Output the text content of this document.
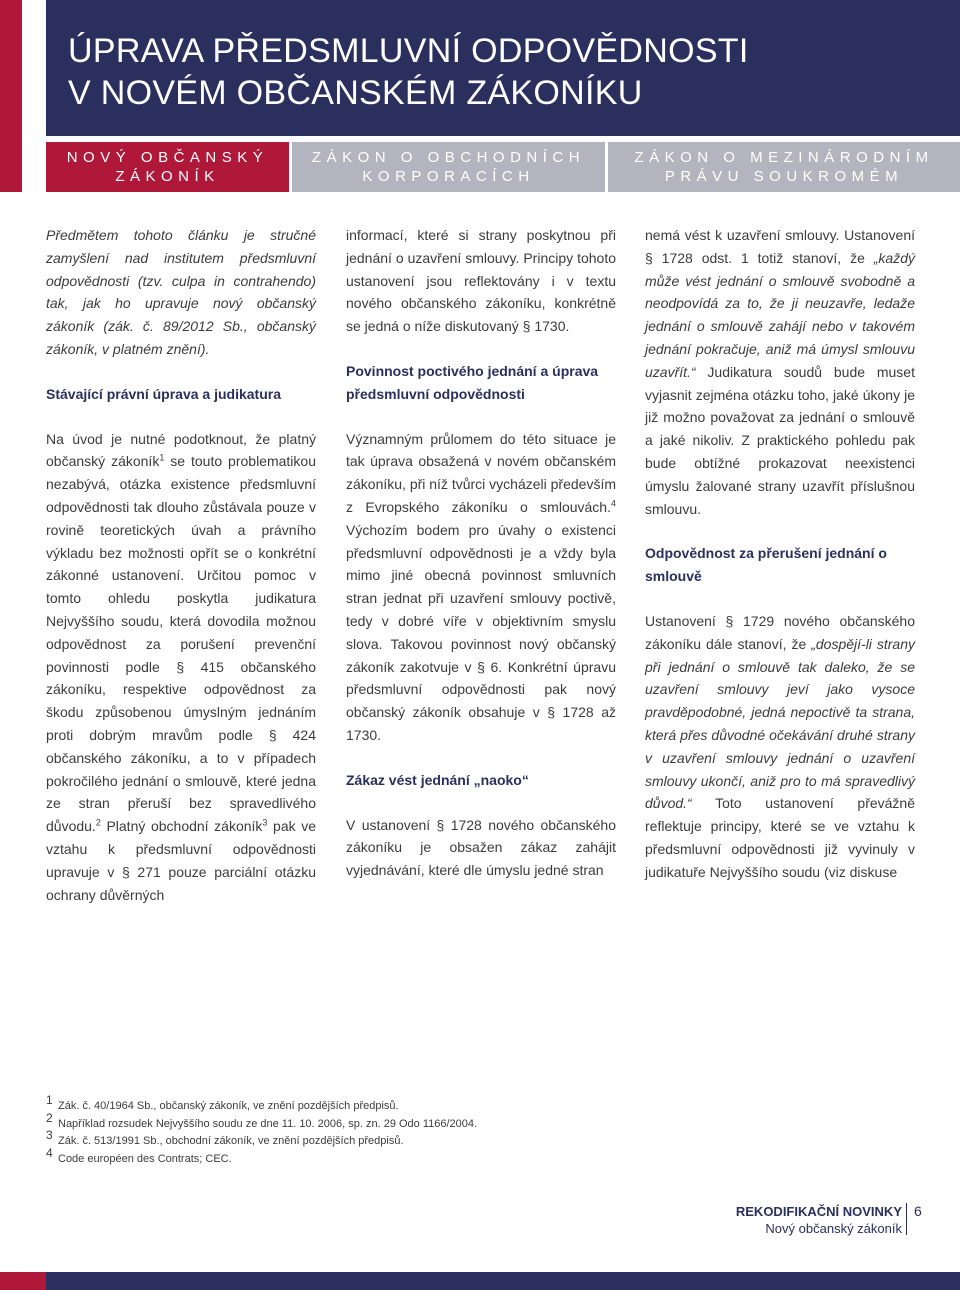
ÚPRAVA PŘEDSMLUVNÍ ODPOVĚDNOSTI
V NOVÉM OBČANSKÉM ZÁKONÍKU
NOVÝ OBČANSKÝ
ZÁKONÍK
ZÁKON O OBCHODNÍCH
KORPORACÍCH
ZÁKON O MEZINÁRODNÍM
PRÁVU SOUKROMÉM

Předmětem tohoto článku je stručné zamyšlení nad institutem předsmluvní odpovědnosti (tzv. culpa in contrahendo) tak, jak ho upravuje nový občanský zákoník (zák. č. 89/2012 Sb., občanský zákoník, v platném znění).

Stávající právní úprava a judikatura

Na úvod je nutné podotknout, že platný občanský zákoník$^1$ se touto problematikou nezabývá, otázka existence předsmluvní odpovědnosti tak dlouho zůstávala pouze v rovině teoretických úvah a právního výkladu bez možnosti opřít se o konkrétní zákonné ustanovení. Určitou pomoc v tomto ohledu poskytla judikatura Nejvyššího soudu, která dovodila možnou odpovědnost za porušení prevenční povinnosti podle § 415 občanského zákoníku, respektive odpovědnost za škodu způsobenou úmyslným jednáním proti dobrým mravům podle § 424 občanského zákoníku, a to v případech pokročilého jednání o smlouvě, které jedna ze stran přeruší bez spravedlivého důvodu.$^2$ Platný obchodní zákoník$^3$ pak ve vztahu k předsmluvní odpovědnosti upravuje v § 271 pouze parciální otázku ochrany důvěrných

informací, které si strany poskytnou při jednání o uzavření smlouvy. Principy tohoto ustanovení jsou reflektovány i v textu nového občanského zákoníku, konkrétně se jedná o níže diskutovaný § 1730.

Povinnost poctivého jednání a úprava předsmluvní odpovědnosti

Významným průlomem do této situace je tak úprava obsažená v novém občanském zákoníku, při níž tvůrci vycházeli především z Evropského zákoníku o smlouvách.$^4$ Výchozím bodem pro úvahy o existenci předsmluvní odpovědnosti je a vždy byla mimo jiné obecná povinnost smluvních stran jednat při uzavření smlouvy poctivě, tedy v dobré víře v objektivním smyslu slova. Takovou povinnost nový občanský zákoník zakotvuje v § 6. Konkrétní úpravu předsmluvní odpovědnosti pak nový občanský zákoník obsahuje v § 1728 až 1730.

Zákaz vést jednání „naoko“

V ustanovení § 1728 nového občanského zákoníku je obsažen zákaz zahájit vyjednávání, které dle úmyslu jedné stran

nemá vést k uzavření smlouvy. Ustanovení § 1728 odst. 1 totiž stanoví, že „každý může vést jednání o smlouvě svobodně a neodpovídá za to, že ji neuzavře, ledaže jednání o smlouvě zahájí nebo v takovém jednání pokračuje, aniž má úmysl smlouvu uzavřít.“ Judikatura soudů bude muset vyjasnit zejména otázku toho, jaké úkony je již možno považovat za jednání o smlouvě a jaké nikoliv. Z praktického pohledu pak bude obtížné prokazovat neexistenci úmyslu žalované strany uzavřít příslušnou smlouvu.

Odpovědnost za přerušení jednání o smlouvě

Ustanovení § 1729 nového občanského zákoníku dále stanoví, že „dospějí-li strany při jednání o smlouvě tak daleko, že se uzavření smlouvy jeví jako vysoce pravděpodobné, jedná nepoctivě ta strana, která přes důvodné očekávání druhé strany v uzavření smlouvy jednání o uzavření smlouvy ukončí, aniž pro to má spravedlivý důvod.“ Toto ustanovení převážně reflektuje principy, které se ve vztahu k předsmluvní odpovědnosti již vyvinuly v judikatuře Nejvyššího soudu (viz diskuse

1 Zák. č. 40/1964 Sb., občanský zákoník, ve znění pozdějších předpisů.
2 Například rozsudek Nejvyššího soudu ze dne 11. 10. 2006, sp. zn. 29 Odo 1166/2004.
3 Zák. č. 513/1991 Sb., obchodní zákoník, ve znění pozdějších předpisů.
4 Code européen des Contrats; CEC.
REKODIFIKAČNÍ NOVINKY
Nový občanský zákoník
6
